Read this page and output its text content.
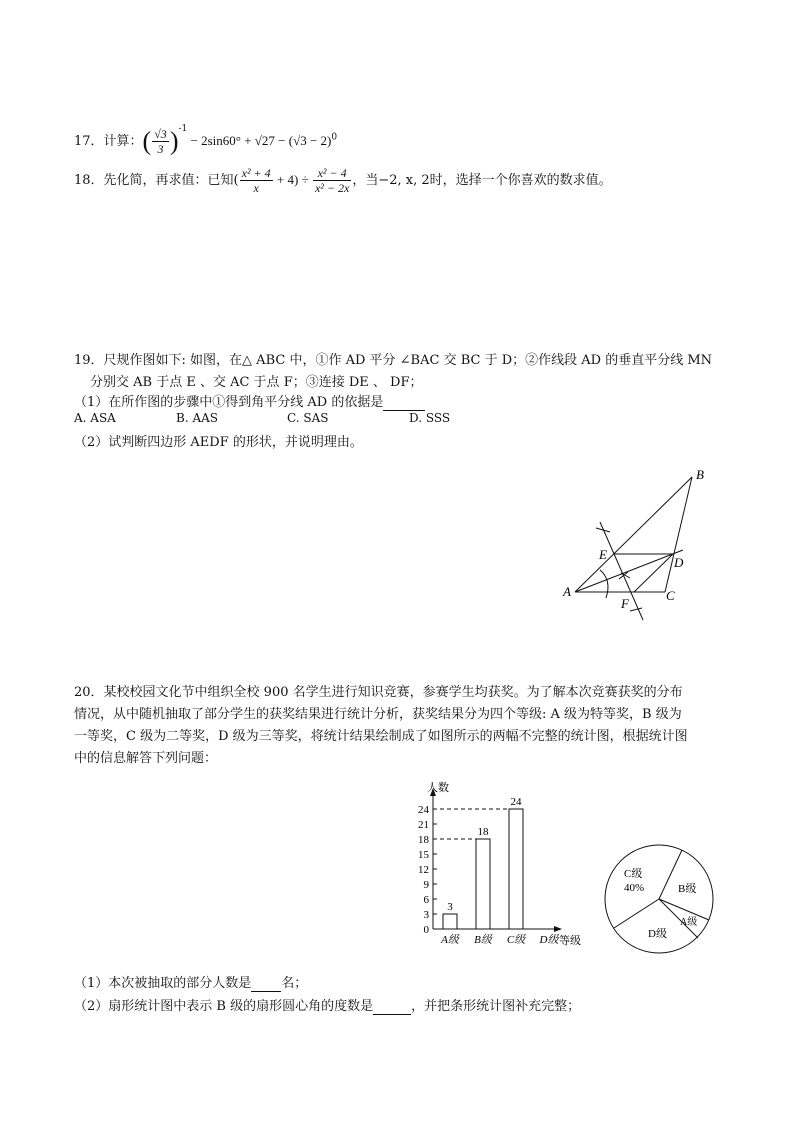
17．计算：( $\frac{√3}{3} )^{-1} - 2\sin 60^\circ + √27 - (√3 - 2)^0$
18．先化简，再求值：已知( $\frac{\text{x² + 4}}{x} + 4) \div \frac{\text{x² − 4}}{\text{x² − 2x}}$ ，当−2, x, 2时，选择一个你喜欢的数求值。
19．尺规作图如下: 如图，在△ ABC 中，①作 AD 平分 ∠BAC 交 BC 于 D；②作线段 AD 的垂直平分线 MN
分别交 AB 于点 E 、交 AC 于点 F；③连接 DE 、 DF；
（1）在所作图的步骤中①得到角平分线 AD 的依据是
A. ASA	B. AAS	C. SAS	D. SSS
（2）试判断四边形 AEDF 的形状，并说明理由。
B
E
D
A
F
C
20．某校校园文化节中组织全校 900 名学生进行知识竞赛，参赛学生均获奖。为了解本次竞赛获奖的分布
情况，从中随机抽取了部分学生的获奖结果进行统计分析，获奖结果分为四个等级: A 级为特等奖，B 级为
一等奖，C 级为二等奖，D 级为三等奖，将统计结果绘制成了如图所示的两幅不完整的统计图，根据统计图
中的信息解答下列问题：
人数
等级
0
3
6
9
12
15
18
21
24
A级
3
B级
18
C级
24
D级
C级
40%	B级
A级
D级
（1）本次被抽取的部分人数是 名；
（2）扇形统计图中表示 B 级的扇形圆心角的度数是	，并把条形统计图补充完整；
